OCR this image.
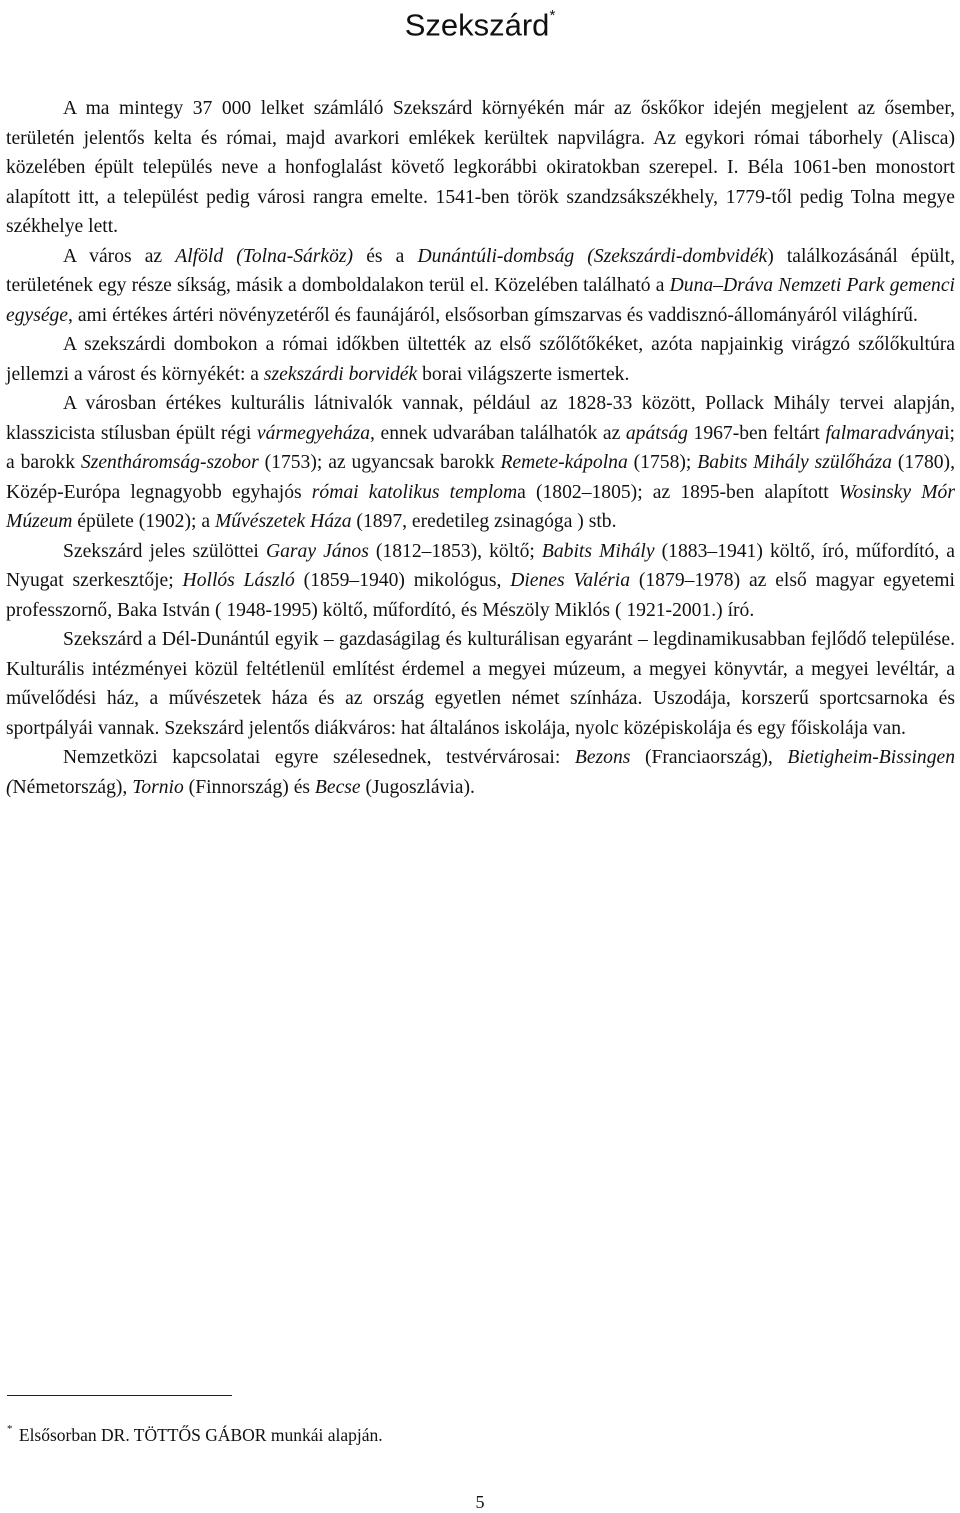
Szekszárd*

A ma mintegy 37 000 lelket számláló Szekszárd környékén már az őskőkor idején megjelent az ősember, területén jelentős kelta és római, majd avarkori emlékek kerültek napvilágra. Az egykori római táborhely (Alisca) közelében épült település neve a honfoglalást követő legkorábbi okiratokban szerepel. I. Béla 1061-ben monostort alapított itt, a települést pedig városi rangra emelte. 1541-ben török szandzsákszékhely, 1779-től pedig Tolna megye székhelye lett.

A város az Alföld (Tolna-Sárköz) és a Dunántúli-dombság (Szekszárdi-dombvidék) találkozásánál épült, területének egy része síkság, másik a domboldalakon terül el. Közelében található a Duna–Dráva Nemzeti Park gemenci egysége, ami értékes ártéri növényzetéről és faunájáról, elsősorban gímszarvas és vaddisznó-állományáról világhírű.

A szekszárdi dombokon a római időkben ültették az első szőlőtőkéket, azóta napjainkig virágzó szőlőkultúra jellemzi a várost és környékét: a szekszárdi borvidék borai világszerte ismertek.

A városban értékes kulturális látnivalók vannak, például az 1828-33 között, Pollack Mihály tervei alapján, klasszicista stílusban épült régi vármegyeháza, ennek udvarában találhatók az apátság 1967-ben feltárt falmaradványai; a barokk Szentháromság-szobor (1753); az ugyancsak barokk Remete-kápolna (1758); Babits Mihály szülőháza (1780), Közép-Európa legnagyobb egyhajós római katolikus temploma (1802–1805); az 1895-ben alapított Wosinsky Mór Múzeum épülete (1902); a Művészetek Háza (1897, eredetileg zsinagóga ) stb.

Szekszárd jeles szülöttei Garay János (1812–1853), költő; Babits Mihály (1883–1941) költő, író, műfordító, a Nyugat szerkesztője; Hollós László (1859–1940) mikológus, Dienes Valéria (1879–1978) az első magyar egyetemi professzornő, Baka István ( 1948-1995) költő, műfordító, és Mészöly Miklós ( 1921-2001.) író.

Szekszárd a Dél-Dunántúl egyik – gazdaságilag és kulturálisan egyaránt – legdinamikusabban fejlődő települése. Kulturális intézményei közül feltétlenül említést érdemel a megyei múzeum, a megyei könyvtár, a megyei levéltár, a művelődési ház, a művészetek háza és az ország egyetlen német színháza. Uszodája, korszerű sportcsarnoka és sportpályái vannak. Szekszárd jelentős diákváros: hat általános iskolája, nyolc középiskolája és egy főiskolája van.

Nemzetközi kapcsolatai egyre szélesednek, testvérvárosai: Bezons (Franciaország), Bietigheim-Bissingen (Németország), Tornio (Finnország) és Becse (Jugoszlávia).

* Elsősorban DR. TÖTTŐS GÁBOR munkái alapján.
5
